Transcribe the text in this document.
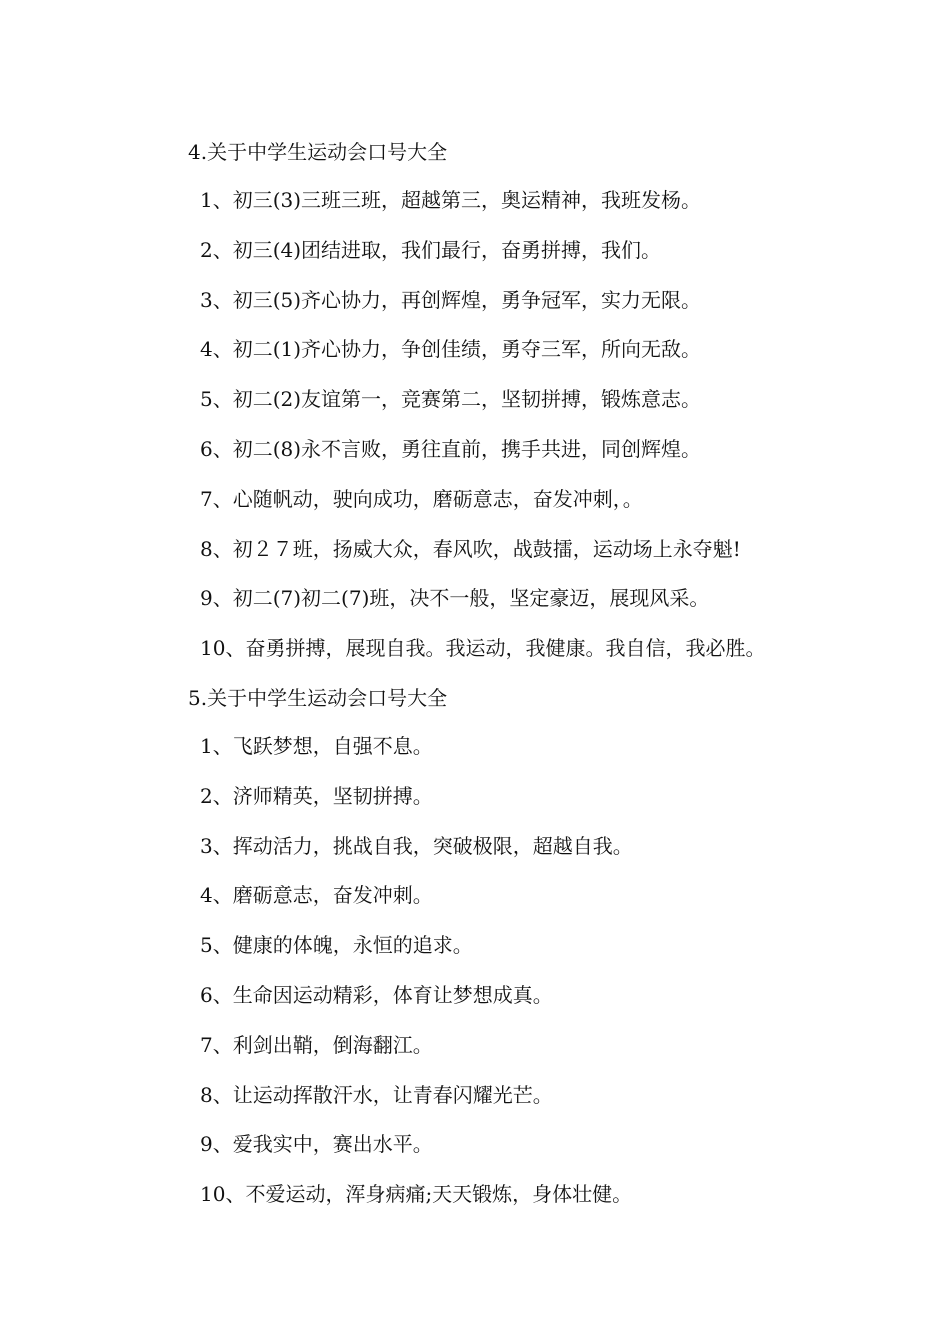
4.关于中学生运动会口号大全
1、初三(3)三班三班，超越第三，奥运精神，我班发杨。
2、初三(4)团结进取，我们最行，奋勇拼搏，我们。
3、初三(5)齐心协力，再创辉煌，勇争冠军，实力无限。
4、初二(1)齐心协力，争创佳绩，勇夺三军，所向无敌。
5、初二(2)友谊第一，竞赛第二，坚韧拼搏，锻炼意志。
6、初二(8)永不言败，勇往直前，携手共进，同创辉煌。
7、心随帆动，驶向成功，磨砺意志，奋发冲刺，。
8、初２７班，扬威大众，春风吹，战鼓擂，运动场上永夺魁!
9、初二(7)初二(7)班，决不一般，坚定豪迈，展现风采。
10、奋勇拼搏，展现自我。我运动，我健康。我自信，我必胜。
5.关于中学生运动会口号大全
1、飞跃梦想，自强不息。
2、济师精英，坚韧拼搏。
3、挥动活力，挑战自我，突破极限，超越自我。
4、磨砺意志，奋发冲刺。
5、健康的体魄，永恒的追求。
6、生命因运动精彩，体育让梦想成真。
7、利剑出鞘，倒海翻江。
8、让运动挥散汗水，让青春闪耀光芒。
9、爱我实中，赛出水平。
10、不爱运动，浑身病痛;天天锻炼，身体壮健。
